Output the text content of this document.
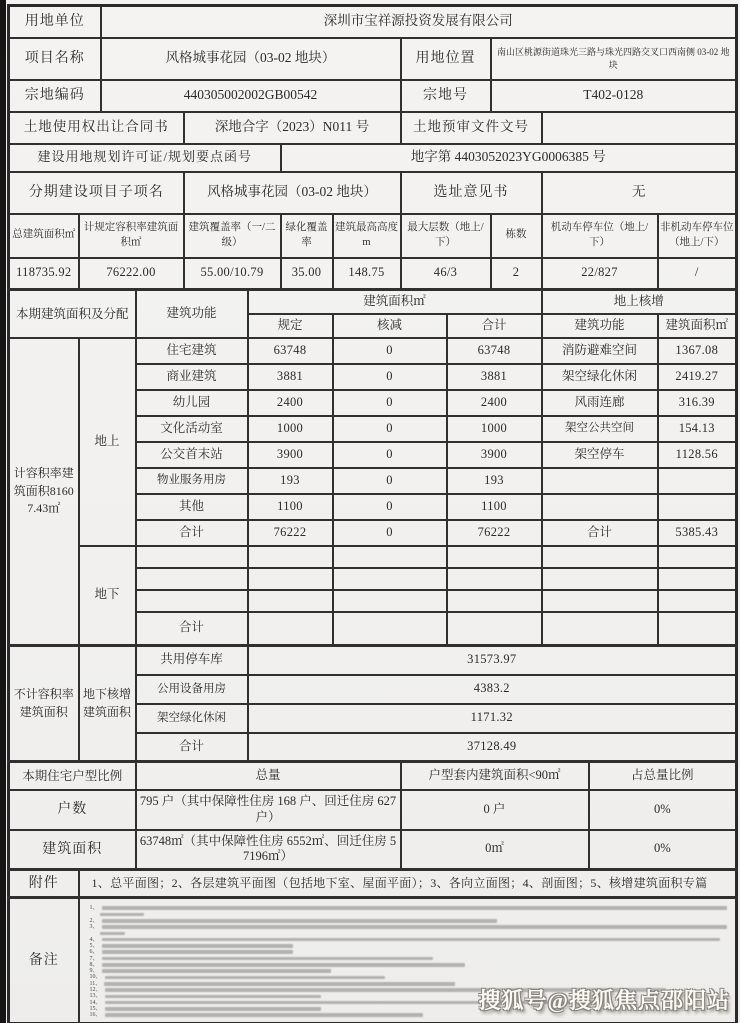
用地单位		深圳市宝祥源投资发展有限公司											
项目名称		风格城事花园（03-02 地块）						用地位置		南山区桃源街道珠光三路与珠光四路交叉口西南侧 03-02 地块			
宗地编码		440305002002GB00542						宗地号		T402-0128			
土地使用权出让合同书				深地合字（2023）N011 号				土地预审文件文号					
建设用地规划许可证/规划要点函号						地字第 4403052023YG0006385 号							
分期建设项目子项名				风格城事花园（03-02 地块）				选址意见书			无		
总建筑面积㎡	计规定容积率建筑面积㎡			建筑覆盖率（一/二级）		绿化覆盖率	建筑最高高度 m	最大层数（地上/下）		栋数	机动车停车位（地上/下）		非机动车停车位（地上/下）
118735.92	76222.00			55.00/10.79		35.00	148.75	46/3		2	22/827		/
本期建筑面积及分配			建筑功能		建筑面积㎡						地上核增		
					规定		核减		合计		建筑功能		建筑面积㎡
计容积率建筑面积81607.43㎡	地上		住宅建筑		63748		0		63748		消防避难空间		1367.08
			商业建筑		3881		0		3881		架空绿化休闲		2419.27
			幼儿园		2400		0		2400		风雨连廊		316.39
			文化活动室		1000		0		1000		架空公共空间		154.13
			公交首末站		3900		0		3900		架空停车		1128.56
			物业服务用房		193		0		193				
			其他		1100		0		1100				
			合计		76222		0		76222		合计		5385.43
	地下												

			合计										
不计容积率建筑面积	地下核增建筑面积		共用停车库		31573.97								
			公用设备用房		4383.2								
			架空绿化休闲		1171.32								
			合计		37128.49								
本期住宅户型比例			总量					户型套内建筑面积<90㎡				占总量比例	
户数			795 户（其中保障性住房 168 户、回迁住房 627 户）					0 户				0%	
建筑面积			63748㎡（其中保障性住房 6552㎡、回迁住房 57196㎡）					0㎡				0%	
附件	1、总平面图；2、各层建筑平面图（包括地下室、屋面平面）；3、各向立面图；4、剖面图；5、核增建筑面积专篇												
备注	
1、
2、
3、
4、
5、
6、
7、
8、
9、
10、
11、
12、
13、
14、
15、
16、
搜狐号@搜狐焦点邵阳站
